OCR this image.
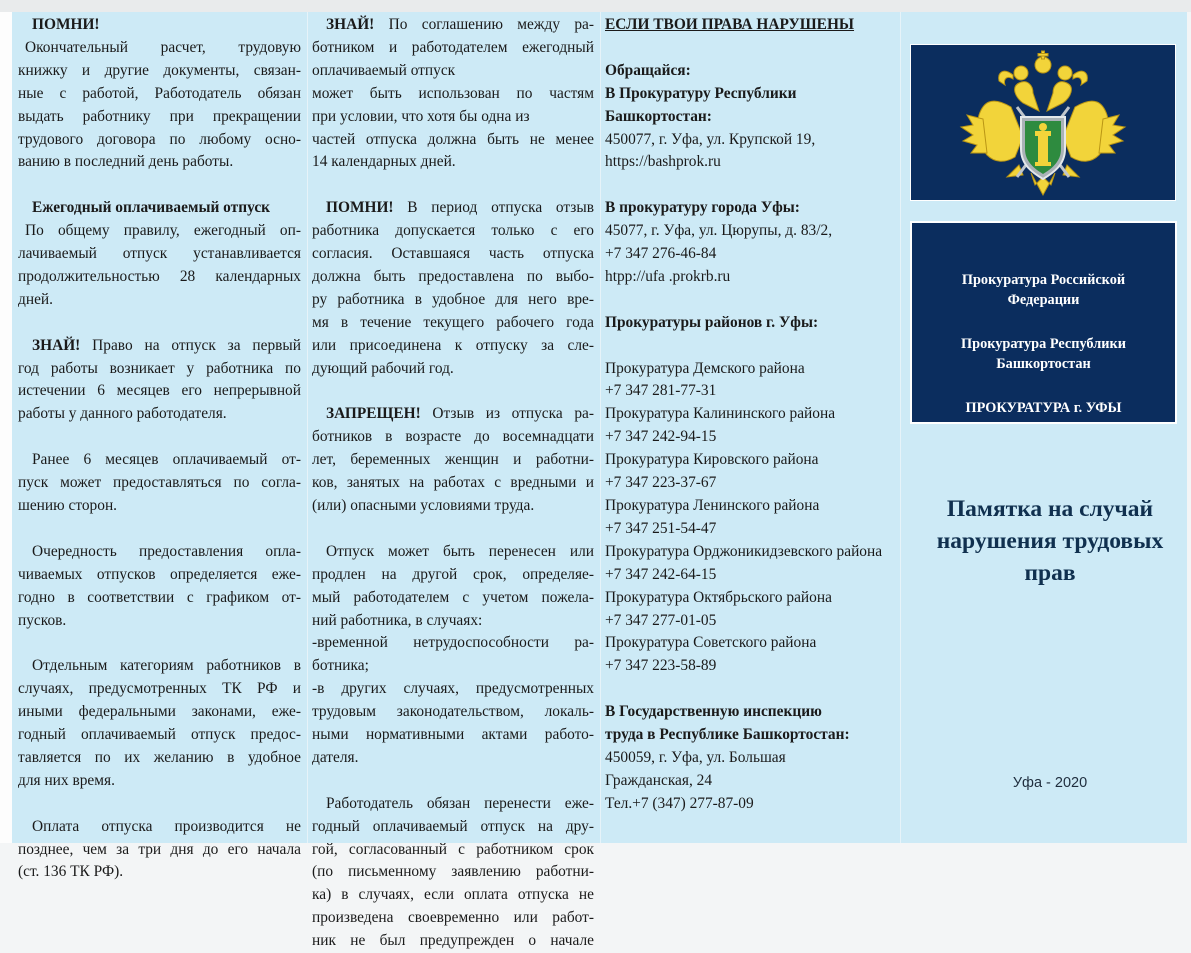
ПОМНИ!

Окончательный расчет, трудовую

книжку и другие документы, связан-

ные с работой, Работодатель обязан

выдать работнику при прекращении

трудового договора по любому осно-

ванию в последний день работы.

Ежегодный оплачиваемый отпуск

По общему правилу, ежегодный оп-

лачиваемый отпуск устанавливается

продолжительностью 28 календарных

дней.

ЗНАЙ! Право на отпуск за первый

год работы возникает у работника по

истечении 6 месяцев его непрерывной

работы у данного работодателя.

Ранее 6 месяцев оплачиваемый от-

пуск может предоставляться по согла-

шению сторон.

Очередность предоставления опла-

чиваемых отпусков определяется еже-

годно в соответствии с графиком от-

пусков.

Отдельным категориям работников в

случаях, предусмотренных ТК РФ и

иными федеральными законами, еже-

годный оплачиваемый отпуск предос-

тавляется по их желанию в удобное

для них время.

Оплата отпуска производится не

позднее, чем за три дня до его начала

(ст. 136 ТК РФ).

ЗНАЙ! По соглашению между ра-

ботником и работодателем ежегодный

оплачиваемый отпуск

может быть использован по частям

при условии, что хотя бы одна из

частей отпуска должна быть не менее

14 календарных дней.

ПОМНИ! В период отпуска отзыв

работника допускается только с его

согласия. Оставшаяся часть отпуска

должна быть предоставлена по выбо-

ру работника в удобное для него вре-

мя в течение текущего рабочего года

или присоединена к отпуску за сле-

дующий рабочий год.

ЗАПРЕЩЕН! Отзыв из отпуска ра-

ботников в возрасте до восемнадцати

лет, беременных женщин и работни-

ков, занятых на работах с вредными и

(или) опасными условиями труда.

Отпуск может быть перенесен или

продлен на другой срок, определяе-

мый работодателем с учетом пожела-

ний работника, в случаях:

-временной нетрудоспособности ра-

ботника;

-в других случаях, предусмотренных

трудовым законодательством, локаль-

ными нормативными актами работо-

дателя.

Работодатель обязан перенести еже-

годный оплачиваемый отпуск на дру-

гой, согласованный с работником срок

(по письменному заявлению работни-

ка) в случаях, если оплата отпуска не

произведена своевременно или работ-

ник не был предупрежден о начале

ЕСЛИ ТВОИ ПРАВА НАРУШЕНЫ

Обращайся:

В Прокуратуру Республики

Башкортостан:

450077, г. Уфа, ул. Крупской 19,

https://bashprok.ru

В прокуратуру города Уфы:

45077, г. Уфа, ул. Цюрупы, д. 83/2,

+7 347 276-46-84

htpp://ufa .prokrb.ru

Прокуратуры районов г. Уфы:

Прокуратура Демского района

+7 347 281-77-31

Прокуратура Калининского района

+7 347 242-94-15

Прокуратура Кировского района

+7 347 223-37-67

Прокуратура Ленинского района

+7 347 251-54-47

Прокуратура Орджоникидзевского района

+7 347 242-64-15

Прокуратура Октябрьского района

+7 347 277-01-05

Прокуратура Советского района

+7 347 223-58-89

В Государственную инспекцию

труда в Республике Башкортостан:

450059, г. Уфа, ул. Большая

Гражданская, 24

Тел.+7 (347) 277-87-09

Прокуратура Российской
Федерации
Прокуратура Республики
Башкортостан
ПРОКУРАТУРА г. УФЫ
Памятка на случай
нарушения трудовых
прав
Уфа - 2020
